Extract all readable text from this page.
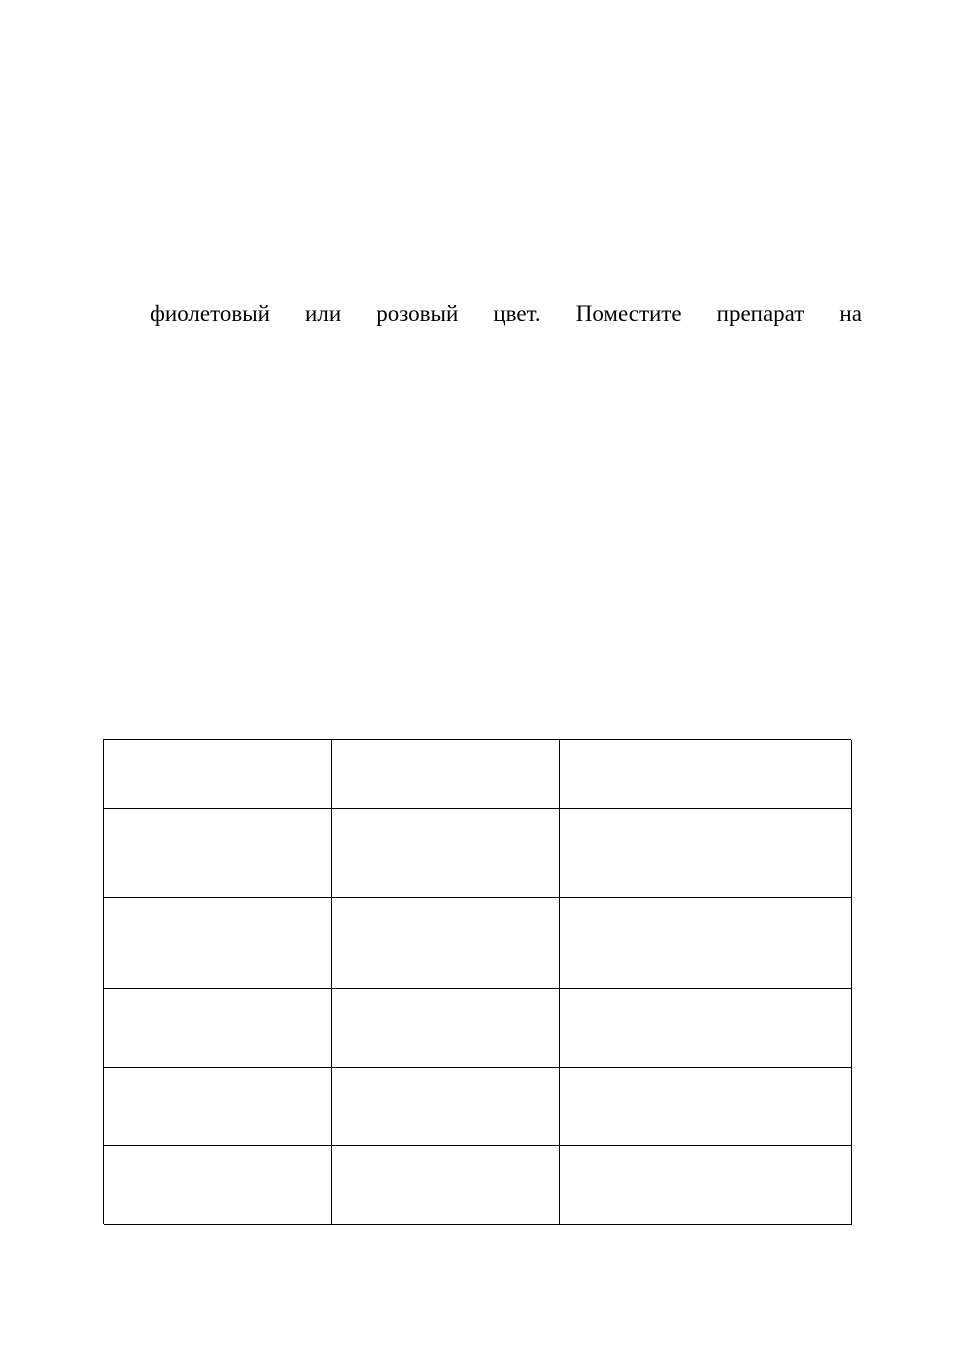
фиолетовый или розовый цвет. Поместите препарат на
